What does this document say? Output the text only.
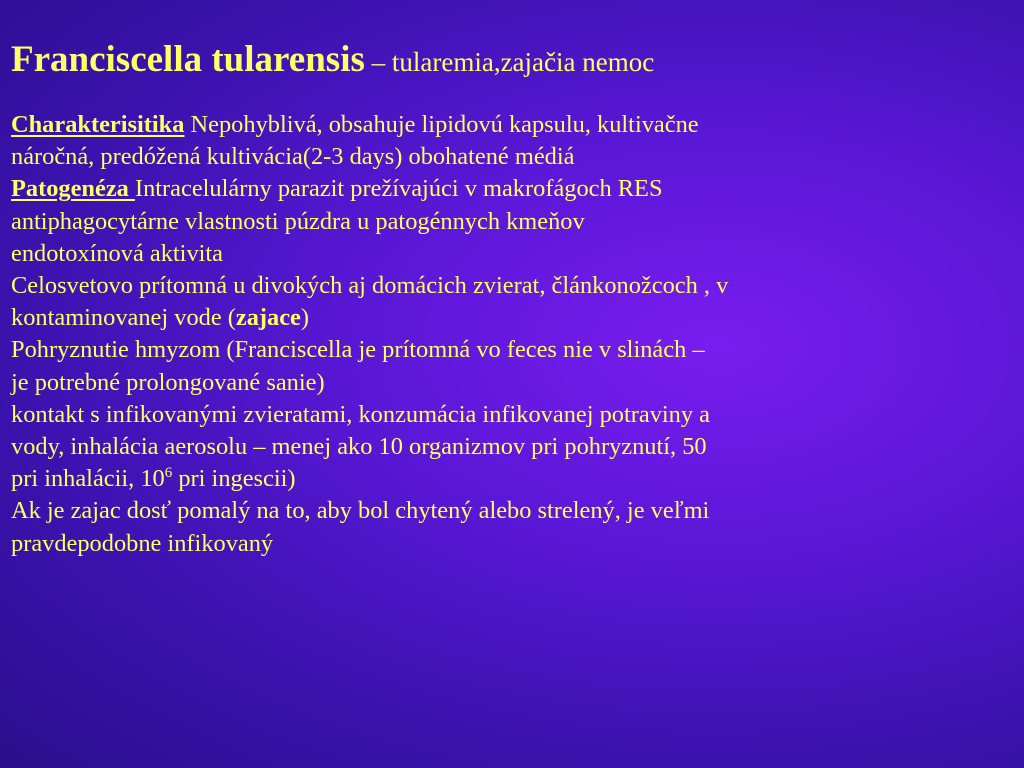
Franciscella tularensis – tularemia,zajačia nemoc
Charakterisitika Nepohyblivá, obsahuje lipidovú kapsulu, kultivačne
náročná, predóžená kultivácia(2-3 days) obohatené médiá
Patogenéza Intracelulárny parazit prežívajúci v makrofágoch RES
antiphagocytárne vlastnosti púzdra u patogénnych kmeňov
endotoxínová aktivita
Celosvetovo prítomná u divokých aj domácich zvierat, článkonožcoch , v
kontaminovanej vode (zajace)
Pohryznutie hmyzom (Franciscella je prítomná vo feces nie v slinách –
je potrebné prolongované sanie)
kontakt s infikovanými zvieratami, konzumácia infikovanej potraviny a
vody, inhalácia aerosolu – menej ako 10 organizmov pri pohryznutí, 50
pri inhalácii, $10^6$ pri ingescii)
Ak je zajac dosť pomalý na to, aby bol chytený alebo strelený, je veľmi
pravdepodobne infikovaný
